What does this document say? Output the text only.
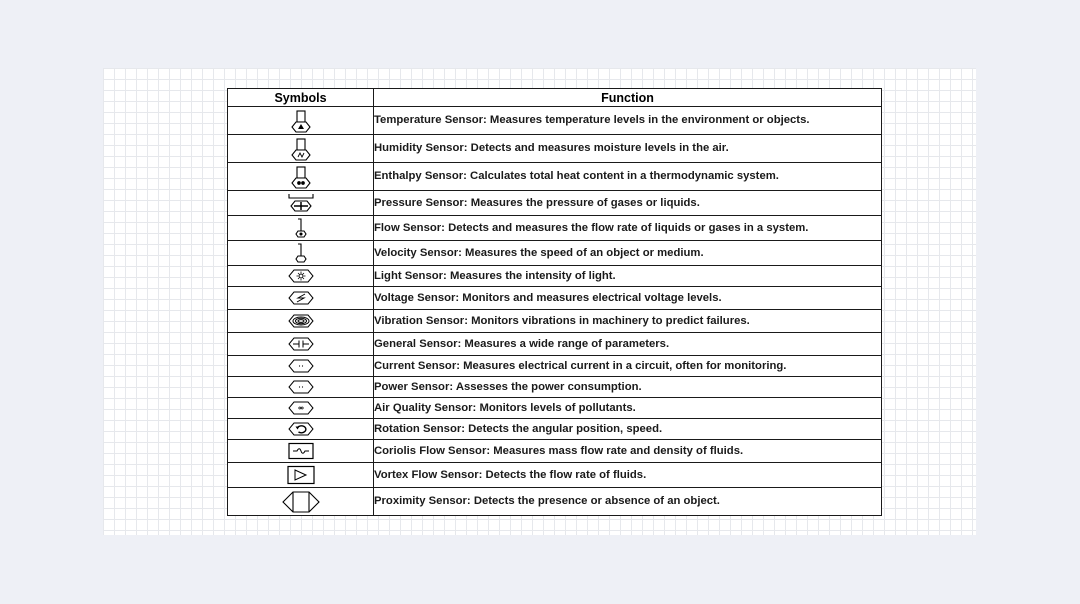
Symbols	Function

	Temperature Sensor: Measures temperature levels in the environment or objects.

	Humidity Sensor: Detects and measures moisture levels in the air.

	Enthalpy Sensor: Calculates total heat content in a thermodynamic system.

	Pressure Sensor: Measures the pressure of gases or liquids.

	Flow Sensor: Detects and measures the flow rate of liquids or gases in a system.

	Velocity Sensor: Measures the speed of an object or medium.

	Light Sensor: Measures the intensity of light.

	Voltage Sensor: Monitors and measures electrical voltage levels.

	Vibration Sensor: Monitors vibrations in machinery to predict failures.

	General Sensor: Measures a wide range of parameters.

	Current Sensor: Measures electrical current in a circuit, often for monitoring.

	Power Sensor: Assesses the power consumption.

	Air Quality Sensor: Monitors levels of pollutants.

	Rotation Sensor: Detects the angular position, speed.

	Coriolis Flow Sensor: Measures mass flow rate and density of fluids.

	Vortex Flow Sensor: Detects the flow rate of fluids.

	Proximity Sensor: Detects the presence or absence of an object.
